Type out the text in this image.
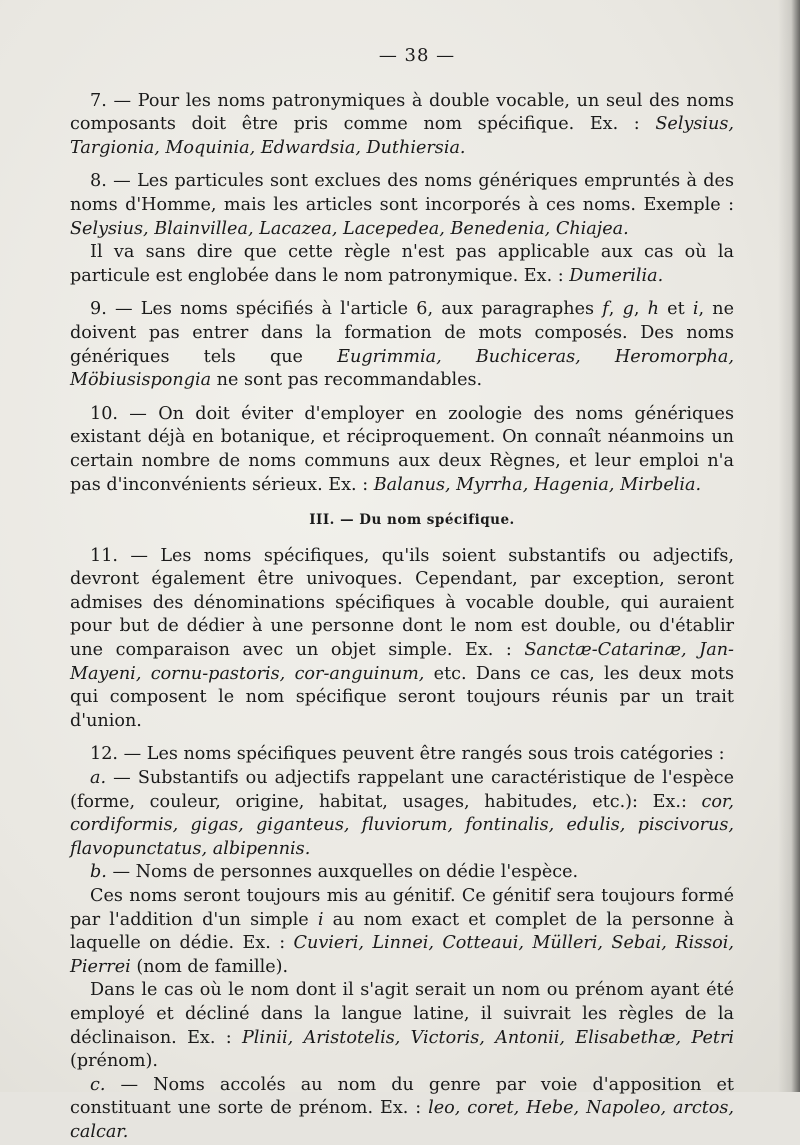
— 38 —

7. — Pour les noms patronymiques à double vocable, un seul des noms composants doit être pris comme nom spécifique. Ex. : Selysius, Targionia, Moquinia, Edwardsia, Duthiersia.

8. — Les particules sont exclues des noms génériques empruntés à des noms d'Homme, mais les articles sont incorporés à ces noms. Exemple : Selysius, Blainvillea, Lacazea, Lacepedea, Benedenia, Chiajea.

Il va sans dire que cette règle n'est pas applicable aux cas où la particule est englobée dans le nom patronymique. Ex. : Dumerilia.

9. — Les noms spécifiés à l'article 6, aux paragraphes f, g, h et i, ne doivent pas entrer dans la formation de mots composés. Des noms génériques tels que Eugrimmia, Buchiceras, Heromorpha, Möbiusispongia ne sont pas recommandables.

10. — On doit éviter d'employer en zoologie des noms génériques existant déjà en botanique, et réciproquement. On connaît néanmoins un certain nombre de noms communs aux deux Règnes, et leur emploi n'a pas d'inconvénients sérieux. Ex. : Balanus, Myrrha, Hagenia, Mirbelia.

III. — Du nom spécifique.

11. — Les noms spécifiques, qu'ils soient substantifs ou adjectifs, devront également être univoques. Cependant, par exception, seront admises des dénominations spécifiques à vocable double, qui auraient pour but de dédier à une personne dont le nom est double, ou d'établir une comparaison avec un objet simple. Ex. : Sanctæ-Catarinæ, Jan-Mayeni, cornu-pastoris, cor-anguinum, etc. Dans ce cas, les deux mots qui composent le nom spécifique seront toujours réunis par un trait d'union.

12. — Les noms spécifiques peuvent être rangés sous trois catégories :

a. — Substantifs ou adjectifs rappelant une caractéristique de l'espèce (forme, couleur, origine, habitat, usages, habitudes, etc.): Ex.: cor, cordiformis, gigas, giganteus, fluviorum, fontinalis, edulis, piscivorus, flavopunctatus, albipennis.

b. — Noms de personnes auxquelles on dédie l'espèce.

Ces noms seront toujours mis au génitif. Ce génitif sera toujours formé par l'addition d'un simple i au nom exact et complet de la personne à laquelle on dédie. Ex. : Cuvieri, Linnei, Cotteaui, Mülleri, Sebai, Rissoi, Pierrei (nom de famille).

Dans le cas où le nom dont il s'agit serait un nom ou prénom ayant été employé et décliné dans la langue latine, il suivrait les règles de la déclinaison. Ex. : Plinii, Aristotelis, Victoris, Antonii, Elisabethæ, Petri (prénom).

c. — Noms accolés au nom du genre par voie d'apposition et constituant une sorte de prénom. Ex. : leo, coret, Hebe, Napoleo, arctos, calcar.
